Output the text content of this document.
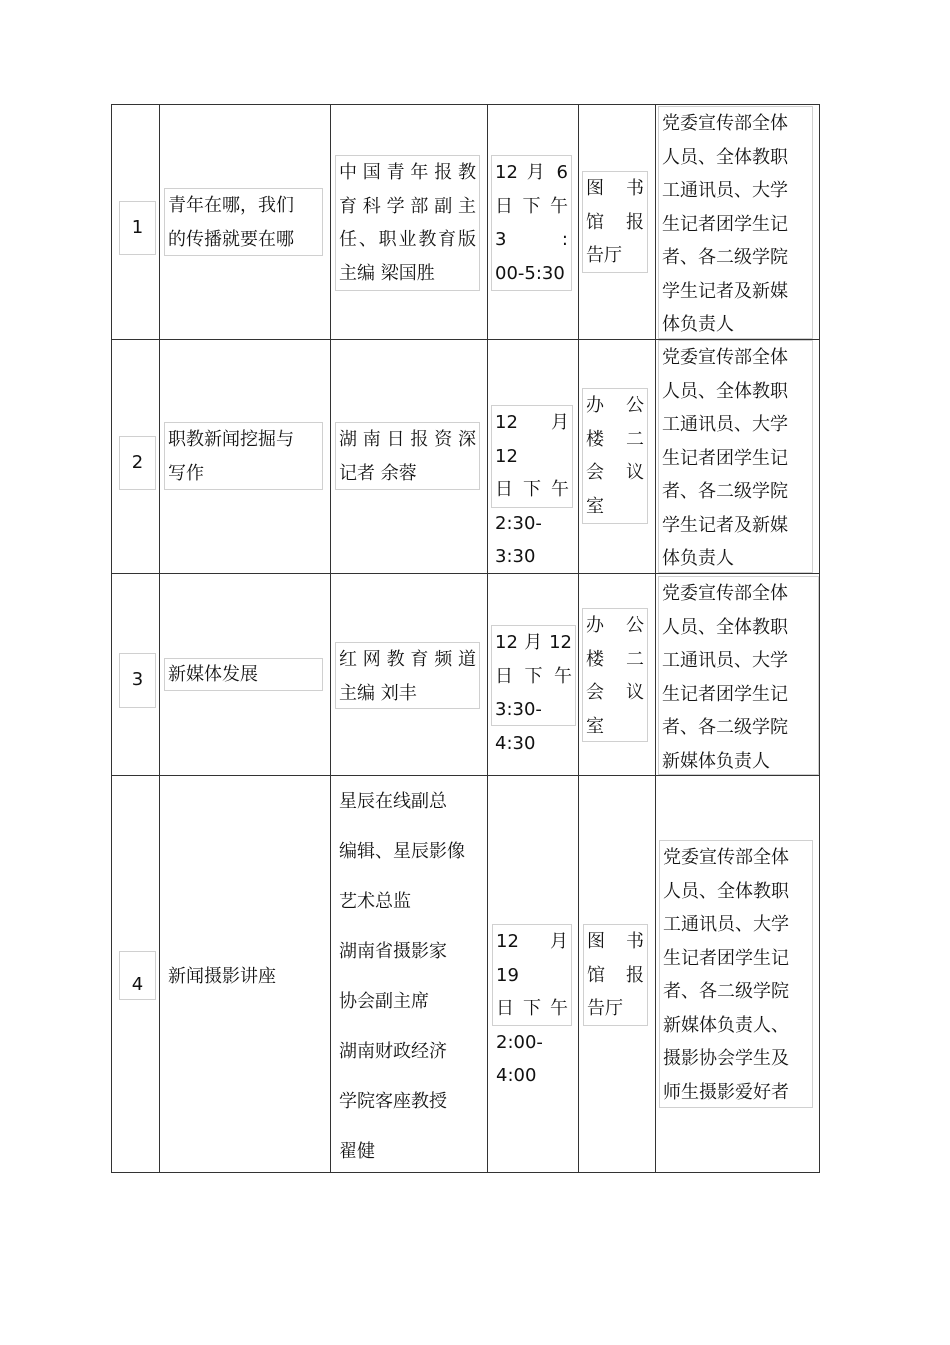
1
青年在哪，我们
的传播就要在哪
中国青年报教
育科学部副主
任、职业教育版
主编 梁国胜
12 月 6
日下午
3 :
00-5:30
图 书
馆 报
告厅
党委宣传部全体
人员、全体教职
工通讯员、大学
生记者团学生记
者、各二级学院
学生记者及新媒
体负责人
2
职教新闻挖掘与
写作
湖南日报资深
记者 余蓉
12 月 12
日下午
2:30-3:30
办 公
楼 二
会 议
室
党委宣传部全体
人员、全体教职
工通讯员、大学
生记者团学生记
者、各二级学院
学生记者及新媒
体负责人
3	新媒体发展
红网教育频道
主编 刘丰
12 月 12
日下午
3:30-4:30
办 公
楼 二
会 议
室
党委宣传部全体
人员、全体教职
工通讯员、大学
生记者团学生记
者、各二级学院
新媒体负责人
4	新闻摄影讲座
星辰在线副总
编辑、星辰影像
艺术总监
湖南省摄影家
协会副主席
湖南财政经济
学院客座教授
翟健
12 月 19
日下午
2:00-4:00
图 书
馆 报
告厅
党委宣传部全体
人员、全体教职
工通讯员、大学
生记者团学生记
者、各二级学院
新媒体负责人、
摄影协会学生及
师生摄影爱好者
